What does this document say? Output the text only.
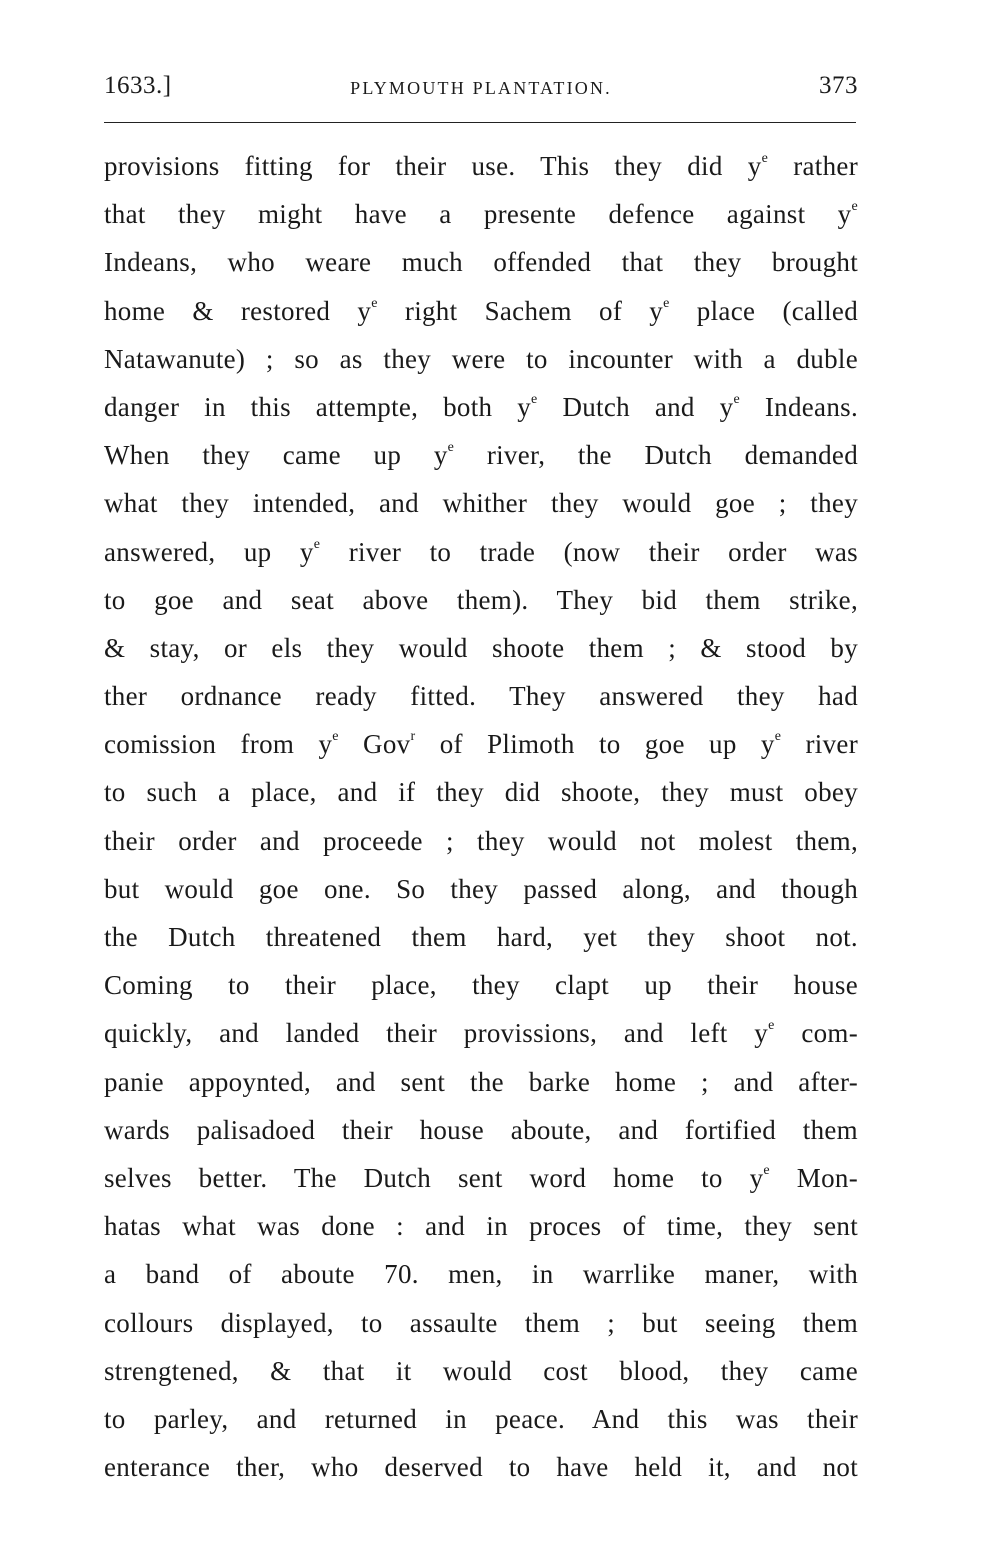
1633.]	PLYMOUTH PLANTATION.	373
provisions fitting for their use. This they did $y^e$ rather
that they might have a presente defence against $y^e$
Indeans, who weare much offended that they brought
home & restored $y^e$ right Sachem of $y^e$ place (called
Natawanute) ; so as they were to incounter with a duble
danger in this attempte, both $y^e$ Dutch and $y^e$ Indeans.
When they came up $y^e$ river, the Dutch demanded
what they intended, and whither they would goe ; they
answered, up $y^e$ river to trade (now their order was
to goe and seat above them). They bid them strike,
& stay, or els they would shoote them ; & stood by
ther ordnance ready fitted. They answered they had
comission from $y^e$ Gov$^r$ of Plimoth to goe up $y^e$ river
to such a place, and if they did shoote, they must obey
their order and proceede ; they would not molest them,
but would goe one. So they passed along, and though
the Dutch threatened them hard, yet they shoot not.
Coming to their place, they clapt up their house
quickly, and landed their provissions, and left $y^e$ com-
panie appoynted, and sent the barke home ; and after-
wards palisadoed their house aboute, and fortified them
selves better. The Dutch sent word home to $y^e$ Mon-
hatas what was done : and in proces of time, they sent
a band of aboute 70. men, in warrlike maner, with
collours displayed, to assaulte them ; but seeing them
strengtened, & that it would cost blood, they came
to parley, and returned in peace. And this was their
enterance ther, who deserved to have held it, and not
